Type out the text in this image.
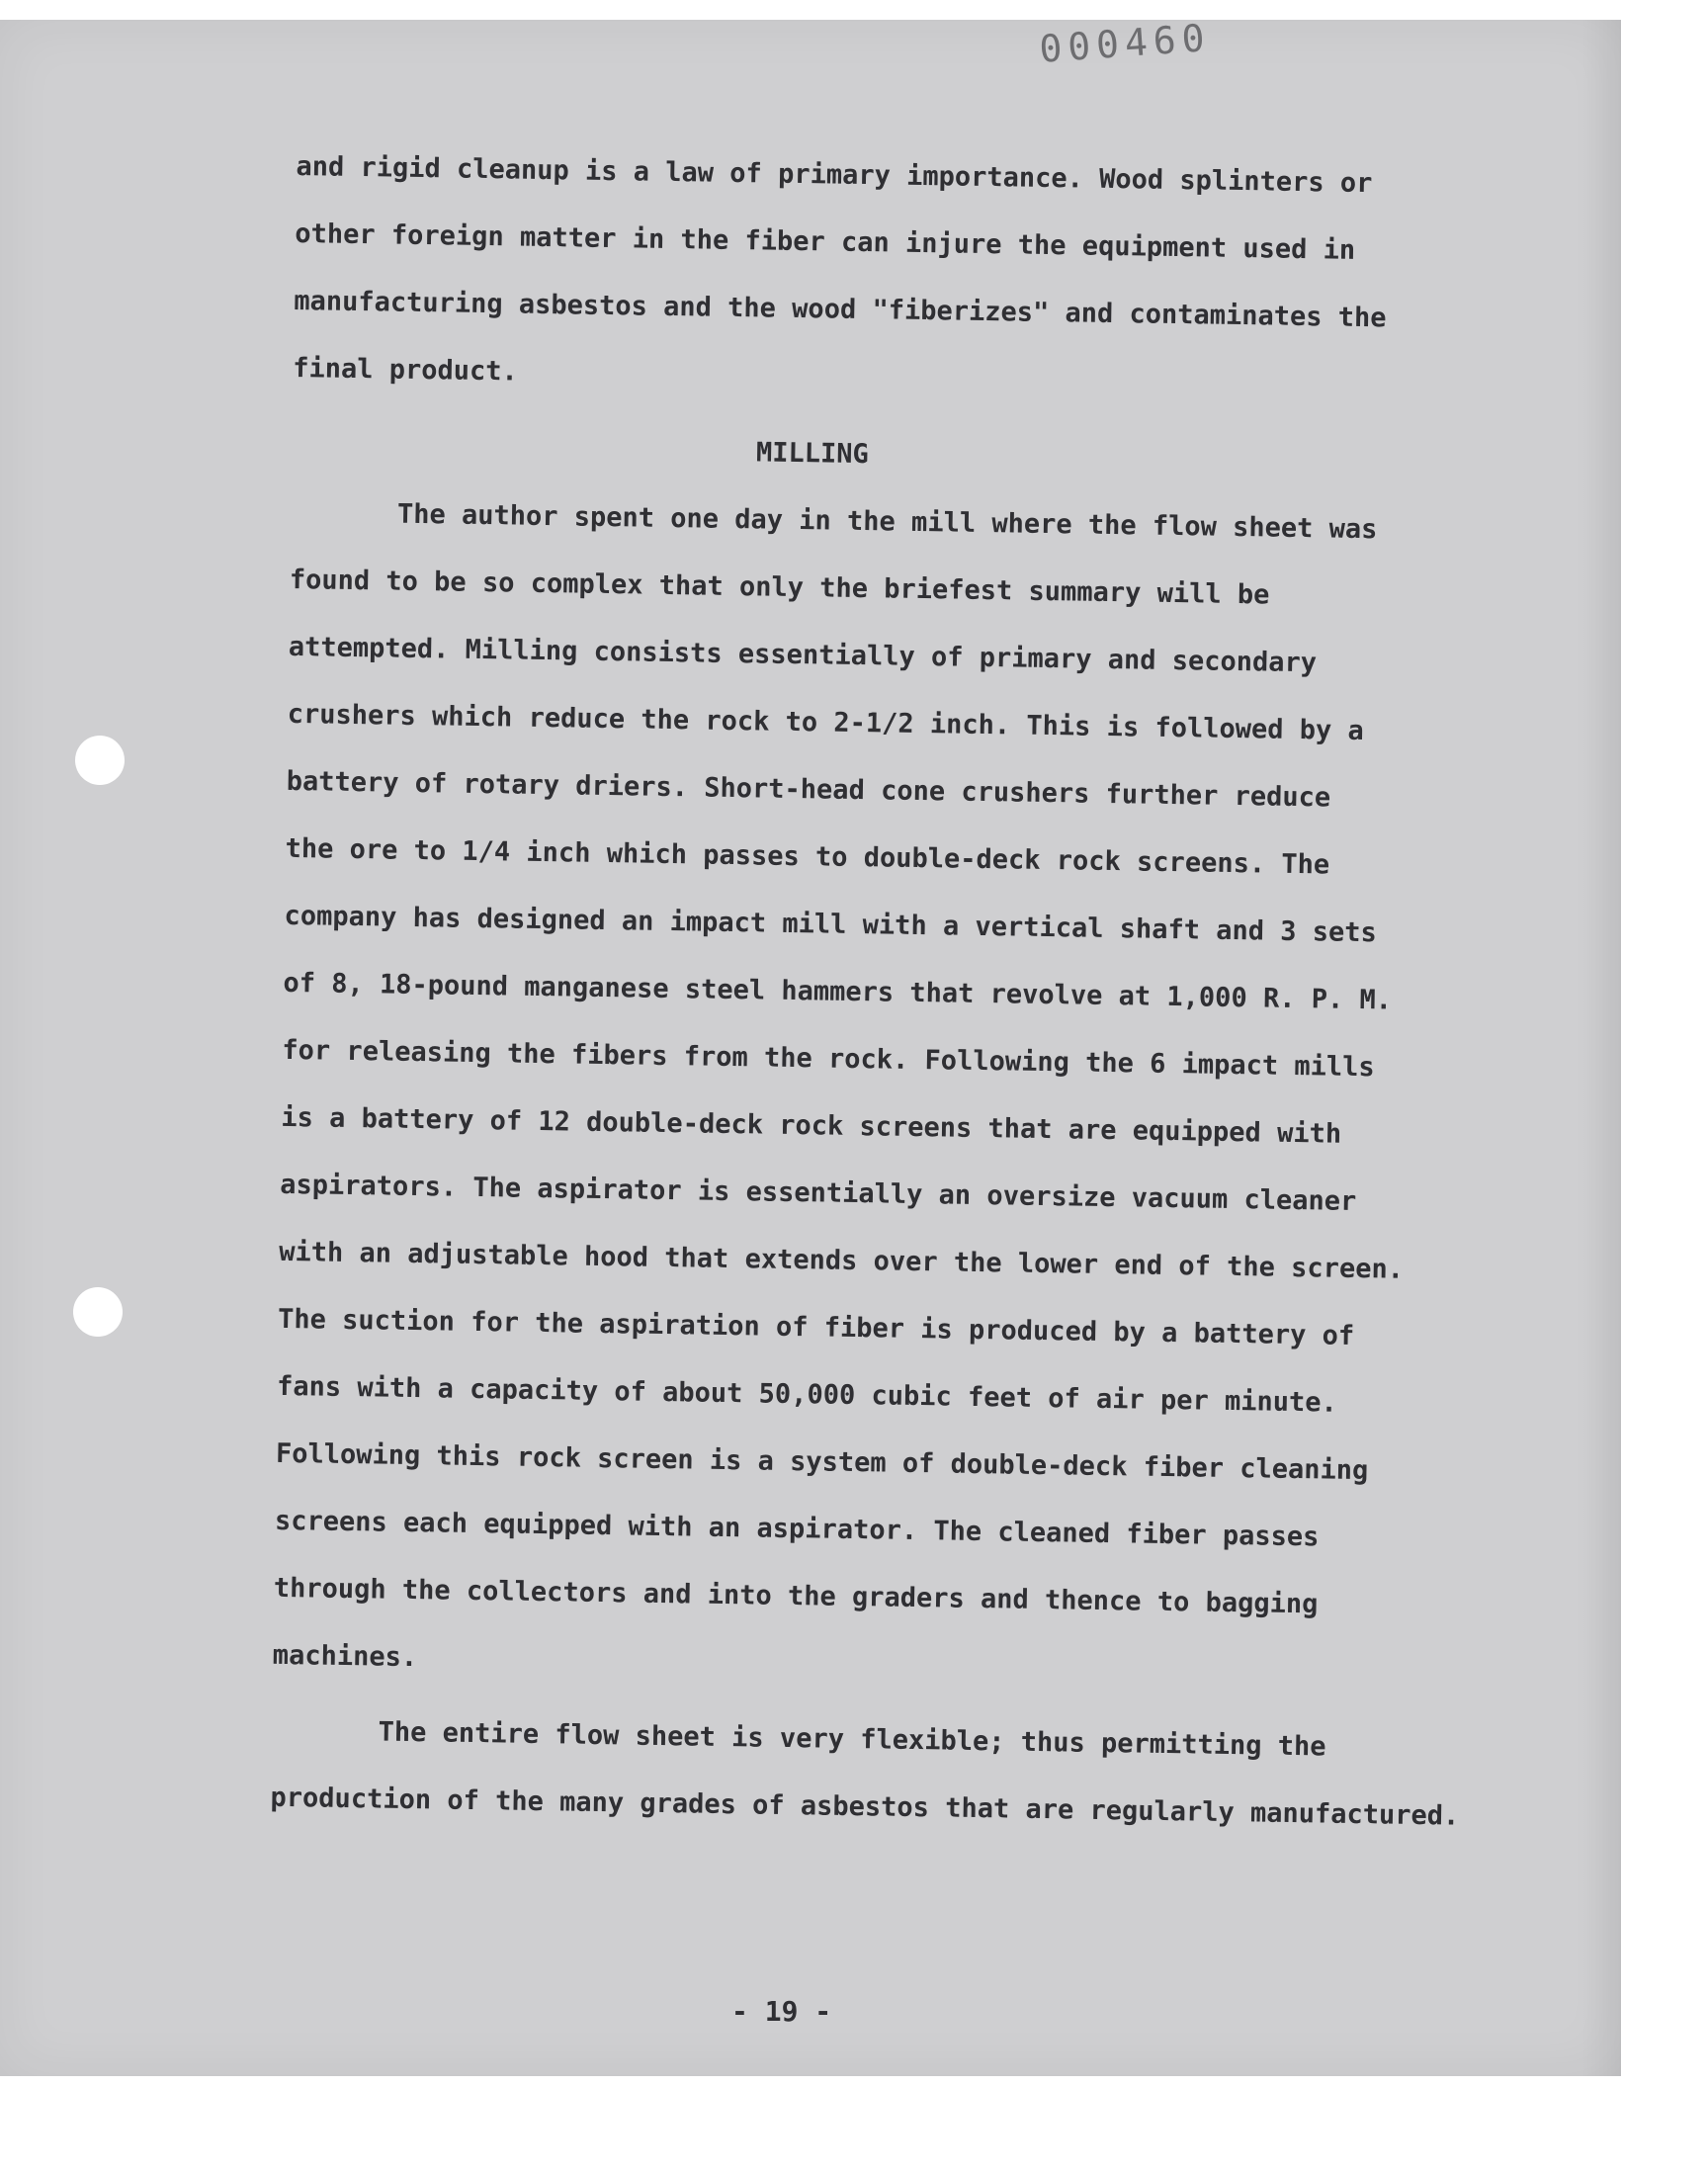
000460

and rigid cleanup is a law of primary importance. Wood splinters or

other foreign matter in the fiber can injure the equipment used in

manufacturing asbestos and the wood "fiberizes" and contaminates the

final product.

MILLING

The author spent one day in the mill where the flow sheet was

found to be so complex that only the briefest summary will be

attempted. Milling consists essentially of primary and secondary

crushers which reduce the rock to 2-1/2 inch. This is followed by a

battery of rotary driers. Short-head cone crushers further reduce

the ore to 1/4 inch which passes to double-deck rock screens. The

company has designed an impact mill with a vertical shaft and 3 sets

of 8, 18-pound manganese steel hammers that revolve at 1,000 R. P. M.

for releasing the fibers from the rock. Following the 6 impact mills

is a battery of 12 double-deck rock screens that are equipped with

aspirators. The aspirator is essentially an oversize vacuum cleaner

with an adjustable hood that extends over the lower end of the screen.

The suction for the aspiration of fiber is produced by a battery of

fans with a capacity of about 50,000 cubic feet of air per minute.

Following this rock screen is a system of double-deck fiber cleaning

screens each equipped with an aspirator. The cleaned fiber passes

through the collectors and into the graders and thence to bagging

machines.

The entire flow sheet is very flexible; thus permitting the

production of the many grades of asbestos that are regularly manufactured.

- 19 -
